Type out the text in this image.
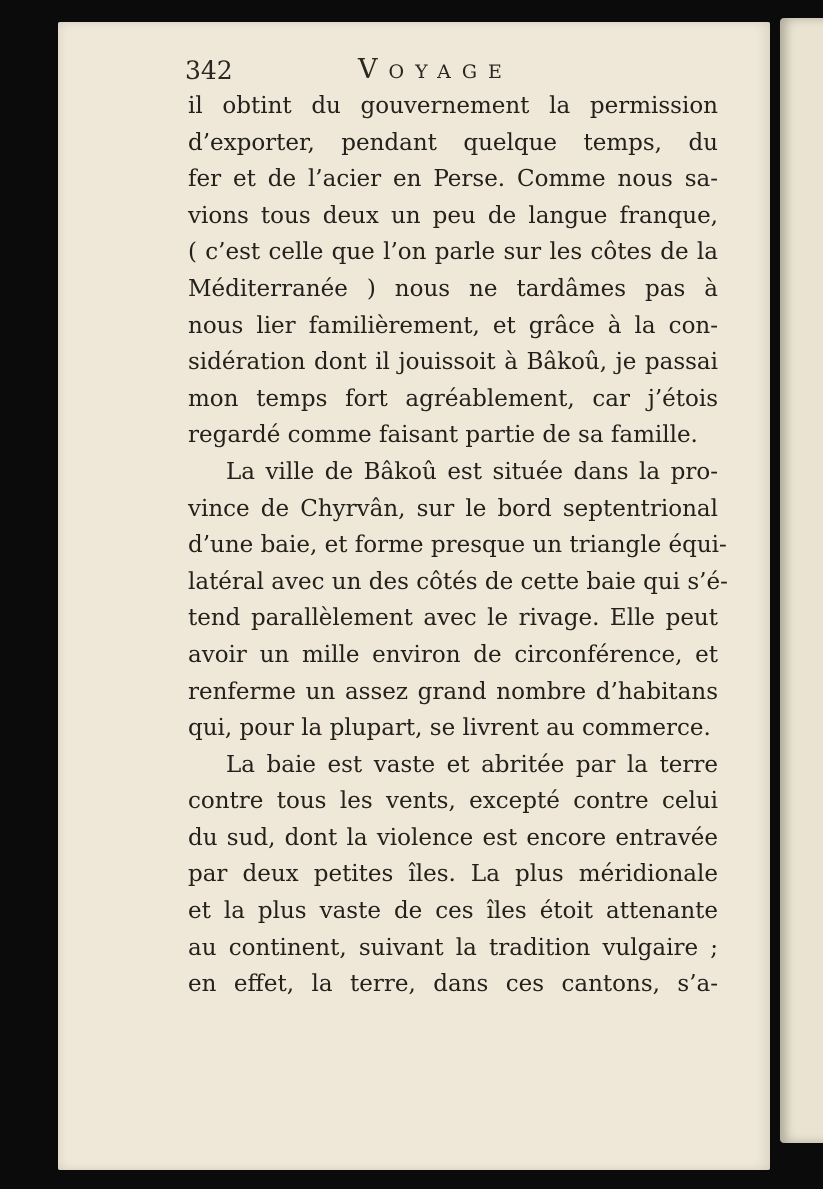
342	Voyage
il obtint du gouvernement la permission
d’exporter, pendant quelque temps, du
fer et de l’acier en Perse. Comme nous sa-
vions tous deux un peu de langue franque,
( c’est celle que l’on parle sur les côtes de la
Méditerranée ) nous ne tardâmes pas à
nous lier familièrement, et grâce à la con-
sidération dont il jouissoit à Bâkoû, je passai
mon temps fort agréablement, car j’étois
regardé comme faisant partie de sa famille.
La ville de Bâkoû est située dans la pro-
vince de Chyrvân, sur le bord septentrional
d’une baie, et forme presque un triangle équi-
latéral avec un des côtés de cette baie qui s’é-
tend parallèlement avec le rivage. Elle peut
avoir un mille environ de circonférence, et
renferme un assez grand nombre d’habitans
qui, pour la plupart, se livrent au commerce.
La baie est vaste et abritée par la terre
contre tous les vents, excepté contre celui
du sud, dont la violence est encore entravée
par deux petites îles. La plus méridionale
et la plus vaste de ces îles étoit attenante
au continent, suivant la tradition vulgaire ;
en effet, la terre, dans ces cantons, s’a-
